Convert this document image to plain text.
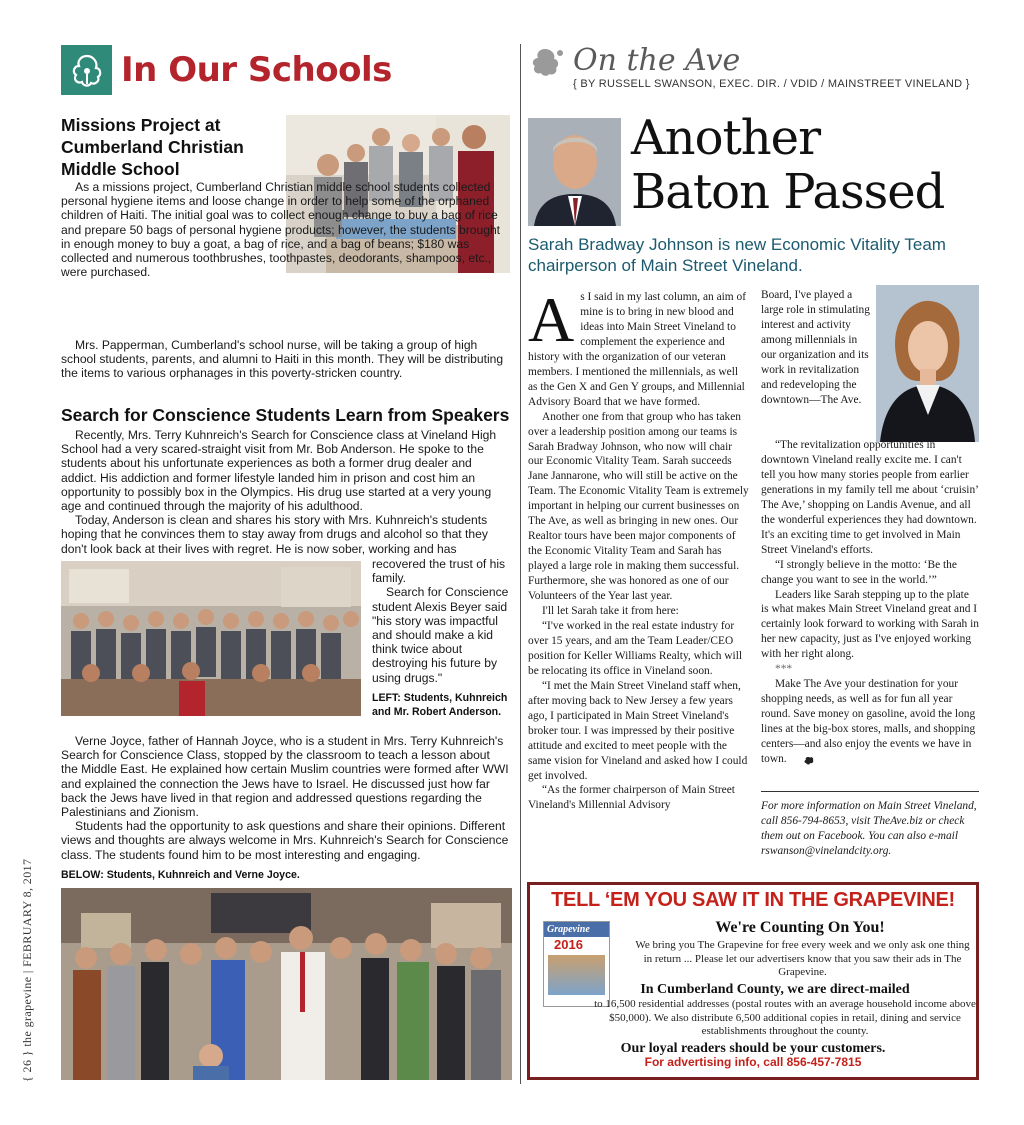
In Our Schools
Missions Project at Cumberland Christian Middle School

As a missions project, Cumberland Christian middle school students collected personal hygiene items and loose change in order to help some of the orphaned children of Haiti. The initial goal was to collect enough change to buy a bag of rice and prepare 50 bags of personal hygiene products; however, the students brought in enough money to buy a goat, a bag of rice, and a bag of beans; $180 was collected and numerous toothbrushes, toothpastes, deodorants, shampoos, etc., were purchased.

Mrs. Papperman, Cumberland's school nurse, will be taking a group of high school students, parents, and alumni to Haiti in this month. They will be distributing the items to various orphanages in this poverty-stricken country.

Search for Conscience Students Learn from Speakers

Recently, Mrs. Terry Kuhnreich's Search for Conscience class at Vineland High School had a very scared-straight visit from Mr. Bob Anderson. He spoke to the students about his unfortunate experiences as both a former drug dealer and addict. His addiction and former lifestyle landed him in prison and cost him an opportunity to possibly box in the Olympics. His drug use started at a very young age and continued through the majority of his adulthood.

Today, Anderson is clean and shares his story with Mrs. Kuhnreich's students hoping that he convinces them to stay away from drugs and alcohol so that they don't look back at their lives with regret. He is now sober, working and has

recovered the trust of his family.

Search for Conscience student Alexis Beyer said "his story was impactful and should make a kid think twice about destroying his future by using drugs."

LEFT: Students, Kuhnreich and Mr. Robert Anderson.

Verne Joyce, father of Hannah Joyce, who is a student in Mrs. Terry Kuhnreich's Search for Conscience Class, stopped by the classroom to teach a lesson about the Middle East. He explained how certain Muslim countries were formed after WWI and explained the connection the Jews have to Israel. He discussed just how far back the Jews have lived in that region and addressed questions regarding the Palestinians and Zionism.

Students had the opportunity to ask questions and share their opinions. Different views and thoughts are always welcome in Mrs. Kuhnreich's Search for Conscience class. The students found him to be most interesting and engaging.

BELOW: Students, Kuhnreich and Verne Joyce.
{ 26 } the grapevine | FEBRUARY 8, 2017
On the Ave
{ BY RUSSELL SWANSON, EXEC. DIR. / VDID / MAINSTREET VINELAND }
Another
Baton Passed
Sarah Bradway Johnson is new Economic Vitality Team chairperson of Main Street Vineland.
A s I said in my last column, an aim of mine is to bring in new blood and ideas into Main Street Vineland to complement the experience and history with the organization of our veteran members. I mentioned the millennials, as well as the Gen X and Gen Y groups, and Millennial Advisory Board that we have formed.

Another one from that group who has taken over a leadership position among our teams is Sarah Bradway Johnson, who now will chair our Economic Vitality Team. Sarah succeeds Jane Jannarone, who will still be active on the Team. The Economic Vitality Team is extremely important in helping our current businesses on The Ave, as well as bringing in new ones. Our Realtor tours have been major components of the Economic Vitality Team and Sarah has played a large role in making them successful. Furthermore, she was honored as one of our Volunteers of the Year last year.

I'll let Sarah take it from here:

“I've worked in the real estate industry for over 15 years, and am the Team Leader/CEO position for Keller Williams Realty, which will be relocating its office in Vineland soon.

“I met the Main Street Vineland staff when, after moving back to New Jersey a few years ago, I participated in Main Street Vineland's broker tour. I was impressed by their positive attitude and excited to meet people with the same vision for Vineland and asked how I could get involved.

“As the former chairperson of Main Street Vineland's Millennial Advisory

Board, I've played a large role in stimulating interest and activity among millennials in our organization and its work in revitalization and redeveloping the downtown—The Ave.

“The revitalization opportunities in downtown Vineland really excite me. I can't tell you how many stories people from earlier generations in my family tell me about ‘cruisin’ The Ave,’ shopping on Landis Avenue, and all the wonderful experiences they had downtown. It's an exciting time to get involved in Main Street Vineland's efforts.

“I strongly believe in the motto: ‘Be the change you want to see in the world.’”

Leaders like Sarah stepping up to the plate is what makes Main Street Vineland great and I certainly look forward to working with Sarah in her new capacity, just as I've enjoyed working with her right along.

***

Make The Ave your destination for your shopping needs, as well as for fun all year round. Save money on gasoline, avoid the long lines at the big-box stores, malls, and shopping centers—and also enjoy the events we have in town.

For more information on Main Street Vineland, call 856-794-8653, visit TheAve.biz or check them out on Facebook. You can also e-mail rswanson@vinelandcity.org.
TELL ‘EM YOU SAW IT IN THE GRAPEVINE!
Grapevine
2016
We're Counting On You!
We bring you The Grapevine for free every week and we only ask one thing in return ... Please let our advertisers know that you saw their ads in The Grapevine.
In Cumberland County, we are direct-mailed
to 16,500 residential addresses (postal routes with an average household income above $50,000). We also distribute 6,500 additional copies in retail, dining and service establishments throughout the county.
Our loyal readers should be your customers.
For advertising info, call 856-457-7815
